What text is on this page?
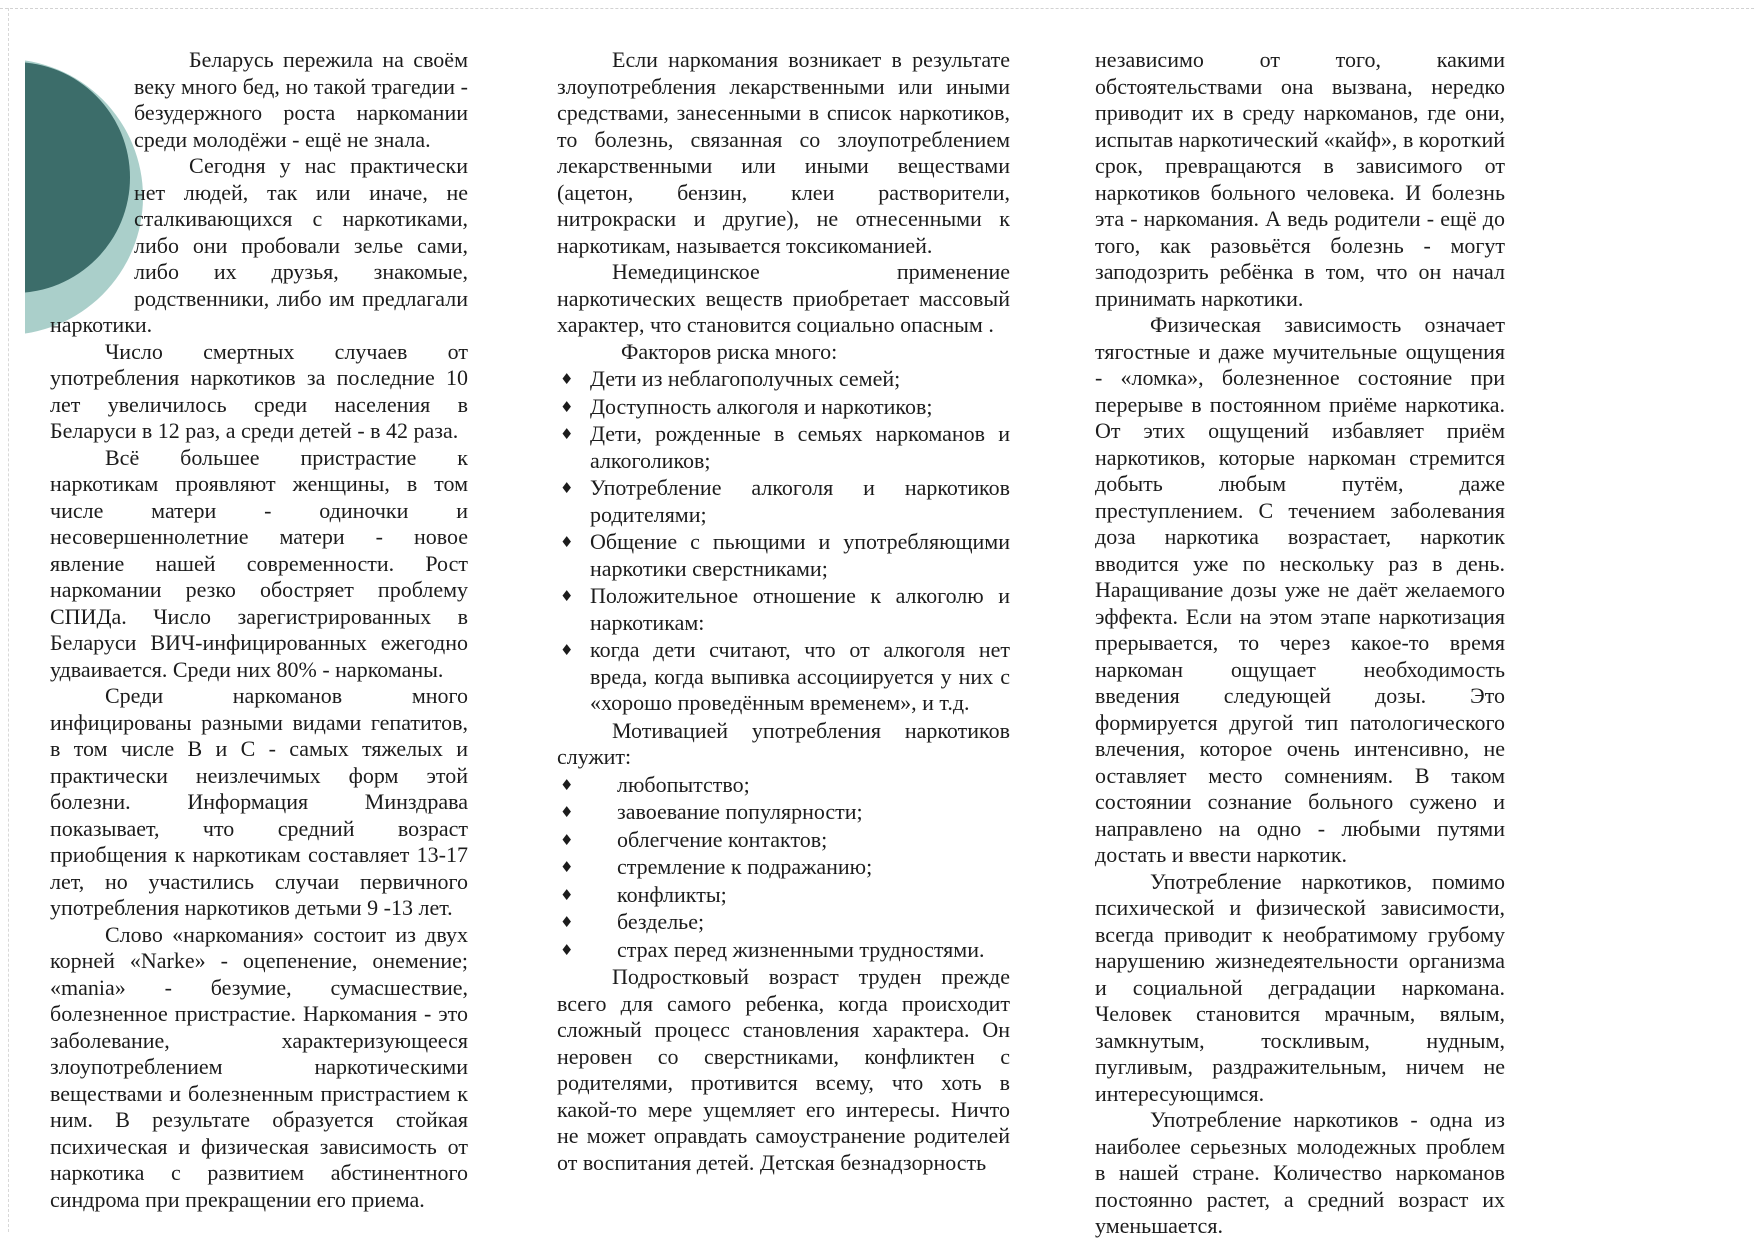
Беларусь пережила на своём веку много бед, но такой трагедии - безудержного роста наркомании среди молодёжи - ещё не знала.
Сегодня у нас практически нет людей, так или иначе, не сталкивающихся с наркотиками, либо они пробовали зелье сами, либо их друзья, знакомые, родственники, либо им предлагали наркотики.
Число смертных случаев от употребления наркотиков за последние 10 лет увеличилось среди населения в Беларуси в 12 раз, а среди детей - в 42 раза.
Всё большее пристрастие к наркотикам проявляют женщины, в том числе матери - одиночки и несовершеннолетние матери - новое явление нашей современности. Рост наркомании резко обостряет проблему СПИДа. Число зарегистрированных в Беларуси ВИЧ-инфицированных ежегодно удваивается. Среди них 80% - наркоманы.
Среди наркоманов много инфицированы разными видами гепатитов, в том числе В и С - самых тяжелых и практически неизлечимых форм этой болезни. Информация Минздрава показывает, что средний возраст приобщения к наркотикам составляет 13-17 лет, но участились случаи первичного употребления наркотиков детьми 9 -13 лет.
Слово «наркомания» состоит из двух корней «Narke» - оцепенение, онемение; «mania» - безумие, сумасшествие, болезненное пристрастие. Наркомания - это заболевание, характеризующееся злоупотреблением наркотическими веществами и болезненным пристрастием к ним. В результате образуется стойкая психическая и физическая зависимость от наркотика с развитием абстинентного синдрома при прекращении его приема.
Если наркомания возникает в результате злоупотребления лекарственными или иными средствами, занесенными в список наркотиков, то болезнь, связанная со злоупотреблением лекарственными или иными веществами (ацетон, бензин, клеи растворители, нитрокраски и другие), не отнесенными к наркотикам, называется токсикоманией.
Немедицинское применение наркотических веществ приобретает массовый характер, что становится социально опасным .
Факторов риска много:
♦ Дети из неблагополучных семей;
♦ Доступность алкоголя и наркотиков;
♦ Дети, рожденные в семьях наркоманов и алкоголиков;
♦ Употребление алкоголя и наркотиков родителями;
♦ Общение с пьющими и употребляющими наркотики сверстниками;
♦ Положительное отношение к алкоголю и наркотикам:
♦ когда дети считают, что от алкоголя нет вреда, когда выпивка ассоциируется у них с «хорошо проведённым временем», и т.д.
Мотивацией употребления наркотиков служит:
♦	любопытство;
♦	завоевание популярности;
♦	облегчение контактов;
♦	стремление к подражанию;
♦	конфликты;
♦	безделье;
♦	страх перед жизненными трудностями.
Подростковый возраст труден прежде всего для самого ребенка, когда происходит сложный процесс становления характера. Он неровен со сверстниками, конфликтен с родителями, противится всему, что хоть в какой-то мере ущемляет его интересы. Ничто не может оправдать самоустранение родителей от воспитания детей. Детская безнадзорность
независимо от того, какими обстоятельствами она вызвана, нередко приводит их в среду наркоманов, где они, испытав наркотический «кайф», в короткий срок, превращаются в зависимого от наркотиков больного человека. И болезнь эта - наркомания. А ведь родители - ещё до того, как разовьётся болезнь - могут заподозрить ребёнка в том, что он начал принимать наркотики.
Физическая зависимость означает тягостные и даже мучительные ощущения - «ломка», болезненное состояние при перерыве в постоянном приёме наркотика. От этих ощущений избавляет приём наркотиков, которые наркоман стремится добыть любым путём, даже преступлением. С течением заболевания доза наркотика возрастает, наркотик вводится уже по нескольку раз в день. Наращивание дозы уже не даёт желаемого эффекта. Если на этом этапе наркотизация прерывается, то через какое-то время наркоман ощущает необходимость введения следующей дозы. Это формируется другой тип патологического влечения, которое очень интенсивно, не оставляет место сомнениям. В таком состоянии сознание больного сужено и направлено на одно - любыми путями достать и ввести наркотик.
Употребление наркотиков, помимо психической и физической зависимости, всегда приводит к необратимому грубому нарушению жизнедеятельности организма и социальной деградации наркомана. Человек становится мрачным, вялым, замкнутым, тоскливым, нудным, пугливым, раздражительным, ничем не интересующимся.
Употребление наркотиков - одна из наиболее серьезных молодежных проблем в нашей стране. Количество наркоманов постоянно растет, а средний возраст их уменьшается.
